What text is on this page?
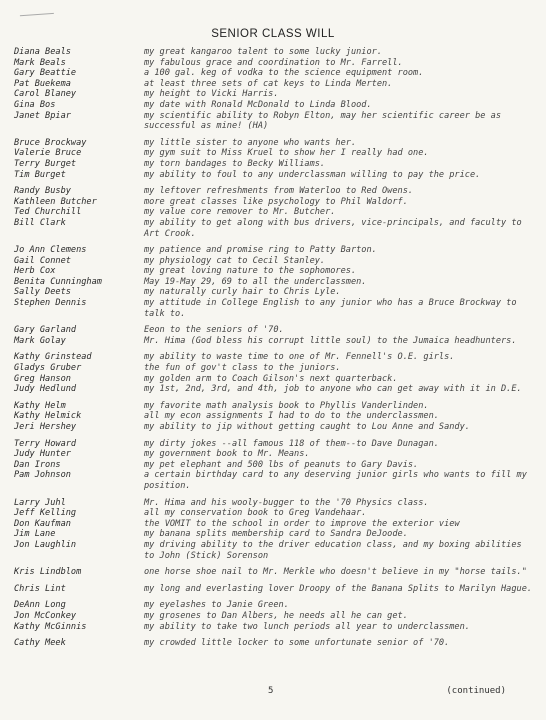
SENIOR CLASS WILL
Diana Beals	my great kangaroo talent to some lucky junior.
Mark Beals	my fabulous grace and coordination to Mr. Farrell.
Gary Beattie	a 100 gal. keg of vodka to the science equipment room.
Pat Buekema	at least three sets of cat keys to Linda Merten.
Carol Blaney	my height to Vicki Harris.
Gina Bos	my date with Ronald McDonald to Linda Blood.
Janet Bpiar	my scientific ability to Robyn Elton, may her scientific career be as successful as mine! (HA)
Bruce Brockway	my little sister to anyone who wants her.
Valerie Bruce	my gym suit to Miss Kruel to show her I really had one.
Terry Burget	my torn bandages to Becky Williams.
Tim Burget	my ability to foul to any underclassman willing to pay the price.
Randy Busby	my leftover refreshments from Waterloo to Red Owens.
Kathleen Butcher	more great classes like psychology to Phil Waldorf.
Ted Churchill	my value core remover to Mr. Butcher.
Bill Clark	my ability to get along with bus drivers, vice-principals, and faculty to Art Crook.
Jo Ann Clemens	my patience and promise ring to Patty Barton.
Gail Connet	my physiology cat to Cecil Stanley.
Herb Cox	my great loving nature to the sophomores.
Benita Cunningham	May 19-May 29, 69 to all the underclassmen.
Sally Deets	my naturally curly hair to Chris Lyle.
Stephen Dennis	my attitude in College English to any junior who has a Bruce Brockway to talk to.
Gary Garland	Eeon to the seniors of '70.
Mark Golay	Mr. Hima (God bless his corrupt little soul) to the Jumaica headhunters.
Kathy Grinstead	my ability to waste time to one of Mr. Fennell's O.E. girls.
Gladys Gruber	the fun of gov't class to the juniors.
Greg Hanson	my golden arm to Coach Gilson's next quarterback.
Judy Hedlund	my 1st, 2nd, 3rd, and 4th, job to anyone who can get away with it in D.E.
Kathy Helm	my favorite math analysis book to Phyllis Vanderlinden.
Kathy Helmick	all my econ assignments I had to do to the underclassmen.
Jeri Hershey	my ability to jip without getting caught to Lou Anne and Sandy.
Terry Howard	my dirty jokes --all famous 118 of them--to Dave Dunagan.
Judy Hunter	my government book to Mr. Means.
Dan Irons	my pet elephant and 500 lbs of peanuts to Gary Davis.
Pam Johnson	a certain birthday card to any deserving junior girls who wants to fill my position.
Larry Juhl	Mr. Hima and his wooly-bugger to the '70 Physics class.
Jeff Kelling	all my conservation book to Greg Vandehaar.
Don Kaufman	the VOMIT to the school in order to improve the exterior view
Jim Lane	my banana splits membership card to Sandra DeJoode.
Jon Laughlin	my driving ability to the driver education class, and my boxing abilities to John (Stick) Sorenson
Kris Lindblom	one horse shoe nail to Mr. Merkle who doesn't believe in my "horse tails."
Chris Lint	my long and everlasting lover Droopy of the Banana Splits to Marilyn Hague.
DeAnn Long	my eyelashes to Janie Green.
Jon McConkey	my grosenes to Dan Albers, he needs all he can get.
Kathy McGinnis	my ability to take two lunch periods all year to underclassmen.
Cathy Meek	my crowded little locker to some unfortunate senior of '70.
5	(continued)
